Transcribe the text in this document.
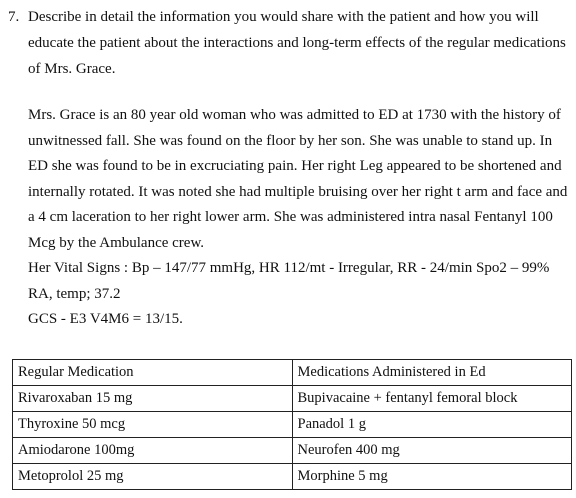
7. Describe in detail the information you would share with the patient and how you will educate the patient about the interactions and long-term effects of the regular medications of Mrs. Grace.

Mrs. Grace is an 80 year old woman who was admitted to ED at 1730 with the history of unwitnessed fall. She was found on the floor by her son. She was unable to stand up. In ED she was found to be in excruciating pain. Her right Leg appeared to be shortened and internally rotated. It was noted she had multiple bruising over her right t arm and face and a 4 cm laceration to her right lower arm. She was administered intra nasal Fentanyl 100 Mcg by the Ambulance crew.

Her Vital Signs : Bp – 147/77 mmHg, HR 112/mt - Irregular, RR - 24/min Spo2 – 99% RA, temp; 37.2

GCS - E3 V4M6 = 13/15.

Regular Medication	Medications Administered in Ed
Rivaroxaban 15 mg	Bupivacaine + fentanyl femoral block
Thyroxine 50 mcg	Panadol 1 g
Amiodarone 100mg	Neurofen 400 mg
Metoprolol 25 mg	Morphine 5 mg
